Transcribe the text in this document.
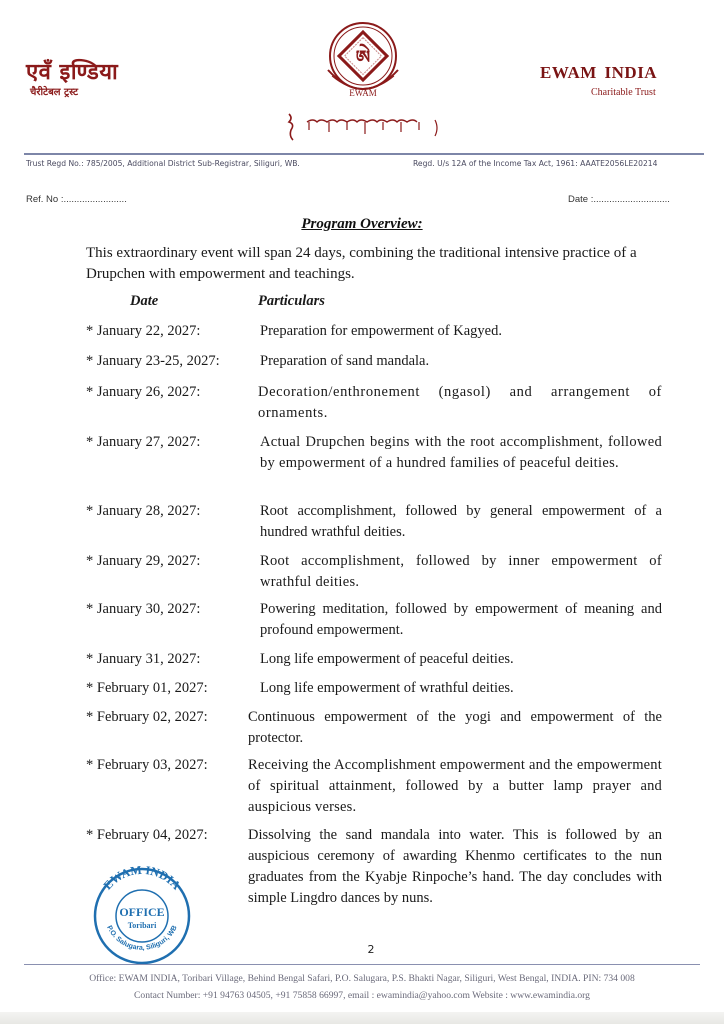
एवँ इण्डिया
चैरीटेबल ट्रस्ट
ཨེ
EWAM
EWAM INDIA
Charitable Trust
Trust Regd No.: 785/2005, Additional District Sub-Registrar, Siliguri, WB.	Regd. U/s 12A of the Income Tax Act, 1961: AAATE2056LE20214
Ref. No :........................	Date :.............................
Program Overview:
This extraordinary event will span 24 days, combining the traditional intensive practice of a Drupchen with empowerment and teachings.
Date	Particulars
* January 22, 2027:	Preparation for empowerment of Kagyed.
* January 23-25, 2027:	Preparation of sand mandala.
* January 26, 2027:	Decoration/enthronement (ngasol) and arrangement of ornaments.
* January 27, 2027:	Actual Drupchen begins with the root accomplishment, followed by empowerment of a hundred families of peaceful deities.
* January 28, 2027:	Root accomplishment, followed by general empowerment of a hundred wrathful deities.
* January 29, 2027:	Root accomplishment, followed by inner empowerment of wrathful deities.
* January 30, 2027:	Powering meditation, followed by empowerment of meaning and profound empowerment.
* January 31, 2027:	Long life empowerment of peaceful deities.
* February 01, 2027:	Long life empowerment of wrathful deities.
* February 02, 2027:	Continuous empowerment of the yogi and empowerment of the protector.
* February 03, 2027:	Receiving the Accomplishment empowerment and the empowerment of spiritual attainment, followed by a butter lamp prayer and auspicious verses.
* February 04, 2027:	Dissolving the sand mandala into water. This is followed by an auspicious ceremony of awarding Khenmo certificates to the nun graduates from the Kyabje Rinpoche’s hand. The day concludes with simple Lingdro dances by nuns.
EWAM INDIA
P.O. Salugara, Siliguri, WB
OFFICE
Toribari
2
Office: EWAM INDIA, Toribari Village, Behind Bengal Safari, P.O. Salugara, P.S. Bhakti Nagar, Siliguri, West Bengal, INDIA. PIN: 734 008
Contact Number: +91 94763 04505, +91 75858 66997, email : ewamindia@yahoo.com Website : www.ewamindia.org
